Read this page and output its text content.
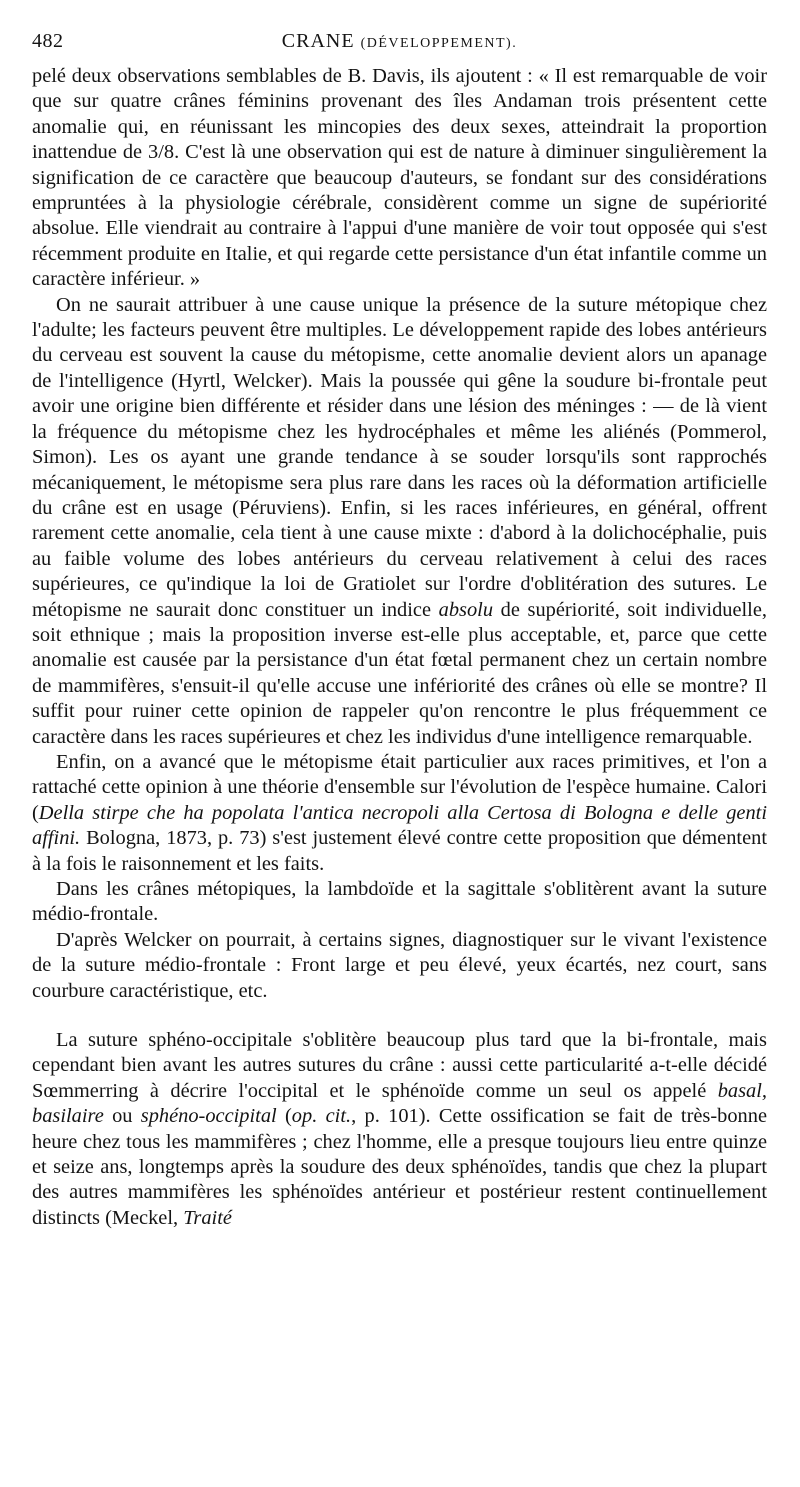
482	CRANE (DÉVELOPPEMENT).

pelé deux observations semblables de B. Davis, ils ajoutent : « Il est remarquable de voir que sur quatre crânes féminins provenant des îles Andaman trois présentent cette anomalie qui, en réunissant les mincopies des deux sexes, atteindrait la proportion inattendue de 3/8. C'est là une observation qui est de nature à diminuer singulièrement la signification de ce caractère que beaucoup d'auteurs, se fondant sur des considérations empruntées à la physiologie cérébrale, considèrent comme un signe de supériorité absolue. Elle viendrait au contraire à l'appui d'une manière de voir tout opposée qui s'est récemment produite en Italie, et qui regarde cette persistance d'un état infantile comme un caractère inférieur. »

On ne saurait attribuer à une cause unique la présence de la suture métopique chez l'adulte; les facteurs peuvent être multiples. Le développement rapide des lobes antérieurs du cerveau est souvent la cause du métopisme, cette anomalie devient alors un apanage de l'intelligence (Hyrtl, Welcker). Mais la poussée qui gêne la soudure bi-frontale peut avoir une origine bien différente et résider dans une lésion des méninges : — de là vient la fréquence du métopisme chez les hydrocéphales et même les aliénés (Pommerol, Simon). Les os ayant une grande tendance à se souder lorsqu'ils sont rapprochés mécaniquement, le métopisme sera plus rare dans les races où la déformation artificielle du crâne est en usage (Péruviens). Enfin, si les races inférieures, en général, offrent rarement cette anomalie, cela tient à une cause mixte : d'abord à la dolichocéphalie, puis au faible volume des lobes antérieurs du cerveau relativement à celui des races supérieures, ce qu'indique la loi de Gratiolet sur l'ordre d'oblitération des sutures. Le métopisme ne saurait donc constituer un indice absolu de supériorité, soit individuelle, soit ethnique ; mais la proposition inverse est-elle plus acceptable, et, parce que cette anomalie est causée par la persistance d'un état fœtal permanent chez un certain nombre de mammifères, s'ensuit-il qu'elle accuse une infériorité des crânes où elle se montre? Il suffit pour ruiner cette opinion de rappeler qu'on rencontre le plus fréquemment ce caractère dans les races supérieures et chez les individus d'une intelligence remarquable.

Enfin, on a avancé que le métopisme était particulier aux races primitives, et l'on a rattaché cette opinion à une théorie d'ensemble sur l'évolution de l'espèce humaine. Calori (Della stirpe che ha popolata l'antica necropoli alla Certosa di Bologna e delle genti affini. Bologna, 1873, p. 73) s'est justement élevé contre cette proposition que démentent à la fois le raisonnement et les faits.

Dans les crânes métopiques, la lambdoïde et la sagittale s'oblitèrent avant la suture médio-frontale.

D'après Welcker on pourrait, à certains signes, diagnostiquer sur le vivant l'existence de la suture médio-frontale : Front large et peu élevé, yeux écartés, nez court, sans courbure caractéristique, etc.

La suture sphéno-occipitale s'oblitère beaucoup plus tard que la bi-frontale, mais cependant bien avant les autres sutures du crâne : aussi cette particularité a-t-elle décidé Sœmmerring à décrire l'occipital et le sphénoïde comme un seul os appelé basal, basilaire ou sphéno-occipital (op. cit., p. 101). Cette ossification se fait de très-bonne heure chez tous les mammifères ; chez l'homme, elle a presque toujours lieu entre quinze et seize ans, longtemps après la soudure des deux sphénoïdes, tandis que chez la plupart des autres mammifères les sphénoïdes antérieur et postérieur restent continuellement distincts (Meckel, Traité
